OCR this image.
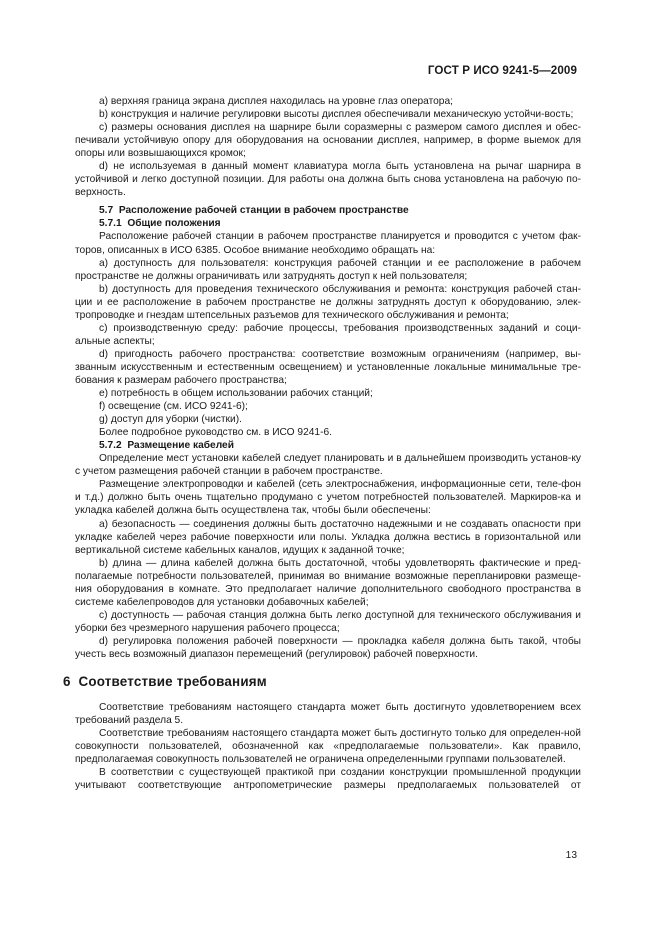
ГОСТ Р ИСО 9241-5—2009

a) верхняя граница экрана дисплея находилась на уровне глаз оператора;

b) конструкция и наличие регулировки высоты дисплея обеспечивали механическую устойчи-вость;

c) размеры основания дисплея на шарнире были соразмерны с размером самого дисплея и обес-печивали устойчивую опору для оборудования на основании дисплея, например, в форме выемок для опоры или возвышающихся кромок;

d) не используемая в данный момент клавиатура могла быть установлена на рычаг шарнира в устойчивой и легко доступной позиции. Для работы она должна быть снова установлена на рабочую по-верхность.

5.7 Расположение рабочей станции в рабочем пространстве

5.7.1 Общие положения

Расположение рабочей станции в рабочем пространстве планируется и проводится с учетом фак-торов, описанных в ИСО 6385. Особое внимание необходимо обращать на:

a) доступность для пользователя: конструкция рабочей станции и ее расположение в рабочем пространстве не должны ограничивать или затруднять доступ к ней пользователя;

b) доступность для проведения технического обслуживания и ремонта: конструкция рабочей стан-ции и ее расположение в рабочем пространстве не должны затруднять доступ к оборудованию, элек-тропроводке и гнездам штепсельных разъемов для технического обслуживания и ремонта;

c) производственную среду: рабочие процессы, требования производственных заданий и соци-альные аспекты;

d) пригодность рабочего пространства: соответствие возможным ограничениям (например, вы-званным искусственным и естественным освещением) и установленные локальные минимальные тре-бования к размерам рабочего пространства;

e) потребность в общем использовании рабочих станций;

f) освещение (см. ИСО 9241-6);

g) доступ для уборки (чистки).

Более подробное руководство см. в ИСО 9241-6.

5.7.2 Размещение кабелей

Определение мест установки кабелей следует планировать и в дальнейшем производить установ-ку с учетом размещения рабочей станции в рабочем пространстве.

Размещение электропроводки и кабелей (сеть электроснабжения, информационные сети, теле-фон и т.д.) должно быть очень тщательно продумано с учетом потребностей пользователей. Маркиров-ка и укладка кабелей должна быть осуществлена так, чтобы были обеспечены:

a) безопасность — соединения должны быть достаточно надежными и не создавать опасности при укладке кабелей через рабочие поверхности или полы. Укладка должна вестись в горизонтальной или вертикальной системе кабельных каналов, идущих к заданной точке;

b) длина — длина кабелей должна быть достаточной, чтобы удовлетворять фактические и пред-полагаемые потребности пользователей, принимая во внимание возможные перепланировки размеще-ния оборудования в комнате. Это предполагает наличие дополнительного свободного пространства в системе кабелепроводов для установки добавочных кабелей;

c) доступность — рабочая станция должна быть легко доступной для технического обслуживания и уборки без чрезмерного нарушения рабочего процесса;

d) регулировка положения рабочей поверхности — прокладка кабеля должна быть такой, чтобы учесть весь возможный диапазон перемещений (регулировок) рабочей поверхности.

6 Соответствие требованиям

Соответствие требованиям настоящего стандарта может быть достигнуто удовлетворением всех требований раздела 5.

Соответствие требованиям настоящего стандарта может быть достигнуто только для определен-ной совокупности пользователей, обозначенной как «предполагаемые пользователи». Как правило, предполагаемая совокупность пользователей не ограничена определенными группами пользователей.

В соответствии с существующей практикой при создании конструкции промышленной продукции учитывают соответствующие антропометрические размеры предполагаемых пользователей от

13
